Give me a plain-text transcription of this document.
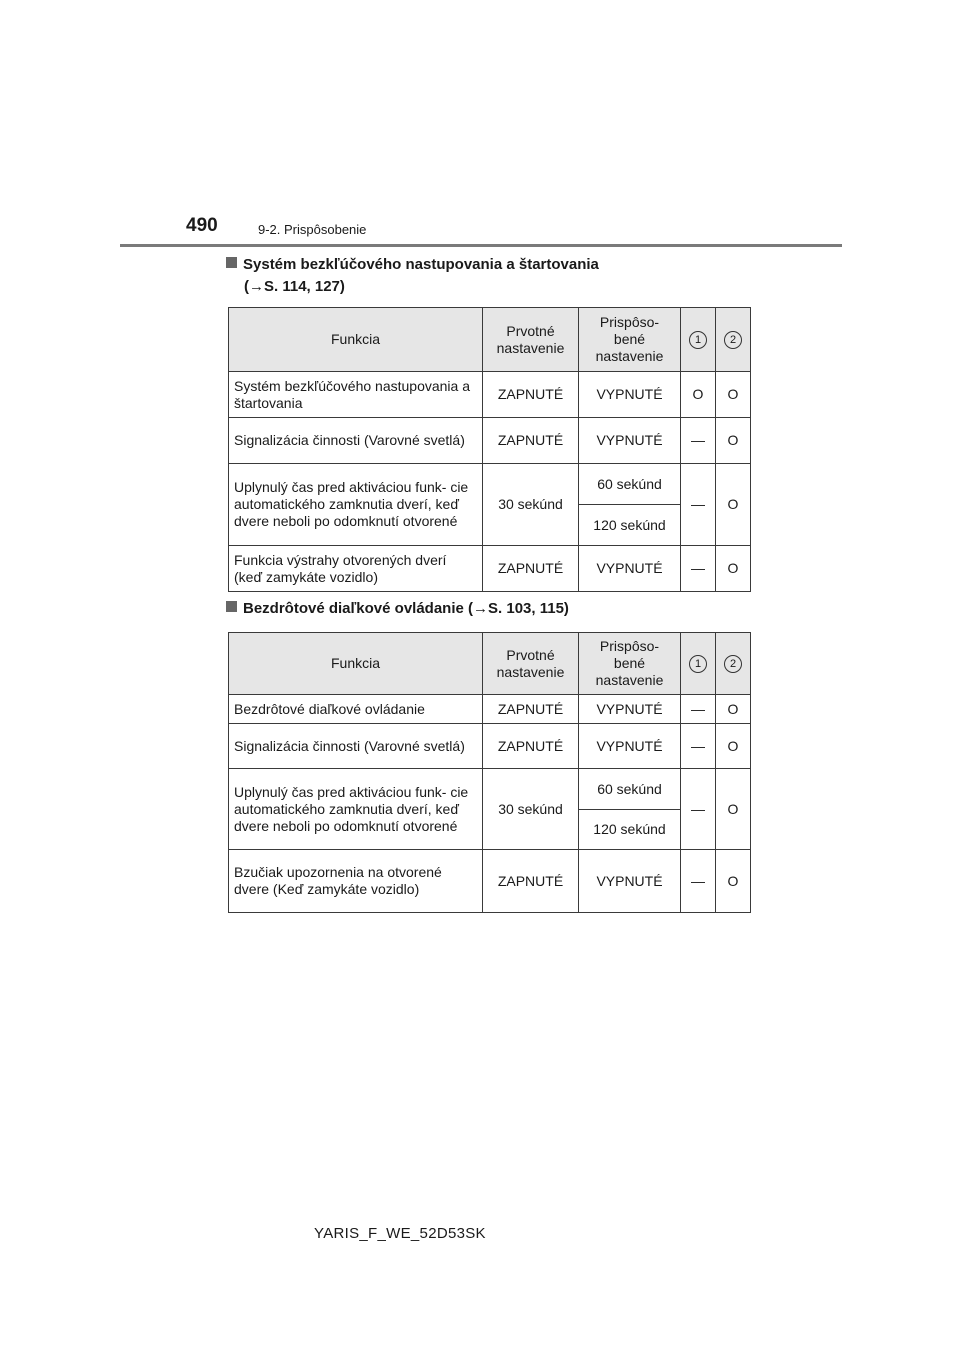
490	9-2. Prispôsobenie
Systém bezkľúčového nastupovania a štartovania
(→S. 114, 127)
Funkcia	Prvotné nastavenie	Prispôso- bené nastavenie	1	2
Systém bezkľúčového nastupovania a štartovania	ZAPNUTÉ	VYPNUTÉ	O	O
Signalizácia činnosti (Varovné svetlá)	ZAPNUTÉ	VYPNUTÉ	—	O
Uplynulý čas pred aktiváciou funk- cie automatického zamknutia dverí, keď dvere neboli po odomknutí otvorené	30 sekúnd	60 sekúnd	—	O
		120 sekúnd		
Funkcia výstrahy otvorených dverí (keď zamykáte vozidlo)	ZAPNUTÉ	VYPNUTÉ	—	O
Bezdrôtové diaľkové ovládanie (→S. 103, 115)
Funkcia	Prvotné nastavenie	Prispôso- bené nastavenie	1	2
Bezdrôtové diaľkové ovládanie	ZAPNUTÉ	VYPNUTÉ	—	O
Signalizácia činnosti (Varovné svetlá)	ZAPNUTÉ	VYPNUTÉ	—	O
Uplynulý čas pred aktiváciou funk- cie automatického zamknutia dverí, keď dvere neboli po odomknutí otvorené	30 sekúnd	60 sekúnd	—	O
		120 sekúnd		
Bzučiak upozornenia na otvorené dvere (Keď zamykáte vozidlo)	ZAPNUTÉ	VYPNUTÉ	—	O
YARIS_F_WE_52D53SK
